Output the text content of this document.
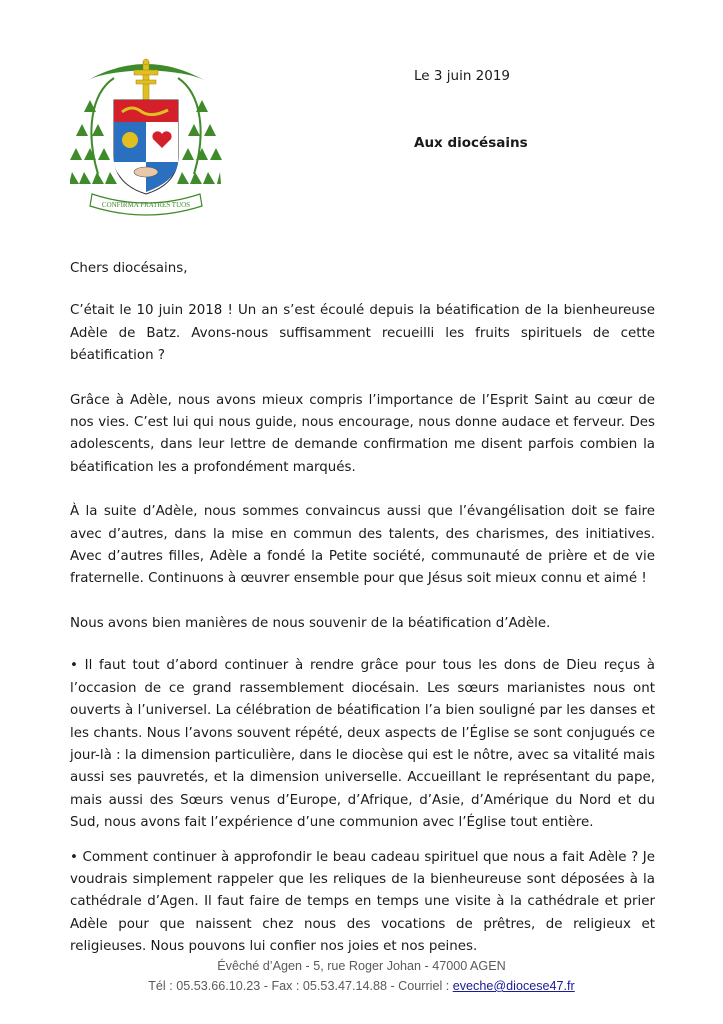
CONFIRMA FRATRES TUOS
Le 3 juin 2019
Aux diocésains

Chers diocésains,

C’était le 10 juin 2018 ! Un an s’est écoulé depuis la béatification de la bienheureuse Adèle de Batz. Avons-nous suffisamment recueilli les fruits spirituels de cette béatification ?

Grâce à Adèle, nous avons mieux compris l’importance de l’Esprit Saint au cœur de nos vies. C’est lui qui nous guide, nous encourage, nous donne audace et ferveur. Des adolescents, dans leur lettre de demande confirmation me disent parfois combien la béatification les a profondément marqués.

À la suite d’Adèle, nous sommes convaincus aussi que l’évangélisation doit se faire avec d’autres, dans la mise en commun des talents, des charismes, des initiatives. Avec d’autres filles, Adèle a fondé la Petite société, communauté de prière et de vie fraternelle. Continuons à œuvrer ensemble pour que Jésus soit mieux connu et aimé !

Nous avons bien manières de nous souvenir de la béatification d’Adèle.

• Il faut tout d’abord continuer à rendre grâce pour tous les dons de Dieu reçus à l’occasion de ce grand rassemblement diocésain. Les sœurs marianistes nous ont ouverts à l’universel. La célébration de béatification l’a bien souligné par les danses et les chants. Nous l’avons souvent répété, deux aspects de l’Église se sont conjugués ce jour-là : la dimension particulière, dans le diocèse qui est le nôtre, avec sa vitalité mais aussi ses pauvretés, et la dimension universelle. Accueillant le représentant du pape, mais aussi des Sœurs venus d’Europe, d’Afrique, d’Asie, d’Amérique du Nord et du Sud, nous avons fait l’expérience d’une communion avec l’Église tout entière.

• Comment continuer à approfondir le beau cadeau spirituel que nous a fait Adèle ? Je voudrais simplement rappeler que les reliques de la bienheureuse sont déposées à la cathédrale d’Agen. Il faut faire de temps en temps une visite à la cathédrale et prier Adèle pour que naissent chez nous des vocations de prêtres, de religieux et religieuses. Nous pouvons lui confier nos joies et nos peines.

Évêché d’Agen - 5, rue Roger Johan - 47000 AGEN
Tél : 05.53.66.10.23 - Fax : 05.53.47.14.88 - Courriel : eveche@diocese47.fr
